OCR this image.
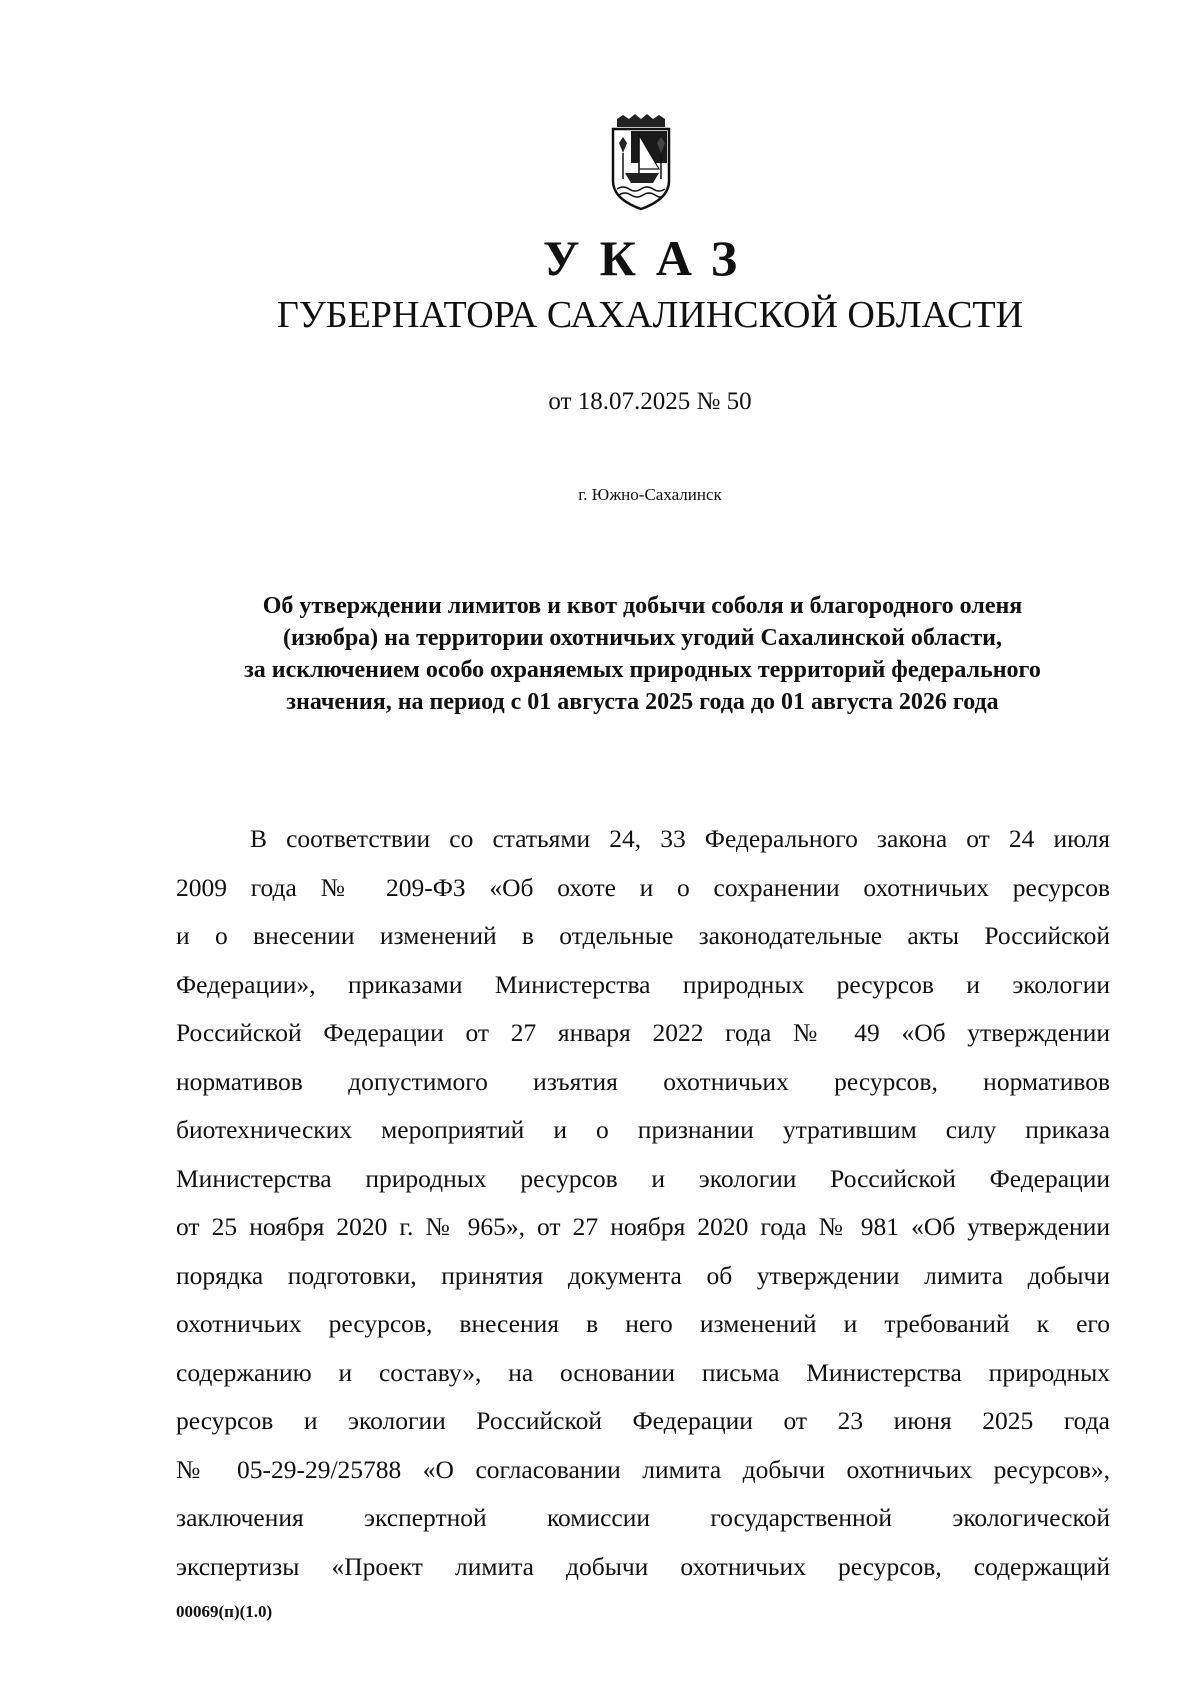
УКАЗ
ГУБЕРНАТОРА САХАЛИНСКОЙ ОБЛАСТИ
от 18.07.2025 № 50
г. Южно-Сахалинск
Об утверждении лимитов и квот добычи соболя и благородного оленя
(изюбра) на территории охотничьих угодий Сахалинской области,
за исключением особо охраняемых природных территорий федерального
значения, на период с 01 августа 2025 года до 01 августа 2026 года
В соответствии со статьями 24, 33 Федерального закона от 24 июля
2009 года № 209-ФЗ «Об охоте и о сохранении охотничьих ресурсов
и о внесении изменений в отдельные законодательные акты Российской
Федерации», приказами Министерства природных ресурсов и экологии
Российской Федерации от 27 января 2022 года № 49 «Об утверждении
нормативов допустимого изъятия охотничьих ресурсов, нормативов
биотехнических мероприятий и о признании утратившим силу приказа
Министерства природных ресурсов и экологии Российской Федерации
от 25 ноября 2020 г. № 965», от 27 ноября 2020 года № 981 «Об утверждении
порядка подготовки, принятия документа об утверждении лимита добычи
охотничьих ресурсов, внесения в него изменений и требований к его
содержанию и составу», на основании письма Министерства природных
ресурсов и экологии Российской Федерации от 23 июня 2025 года
№ 05-29-29/25788 «О согласовании лимита добычи охотничьих ресурсов»,
заключения экспертной комиссии государственной экологической
экспертизы «Проект лимита добычи охотничьих ресурсов, содержащий
00069(п)(1.0)
